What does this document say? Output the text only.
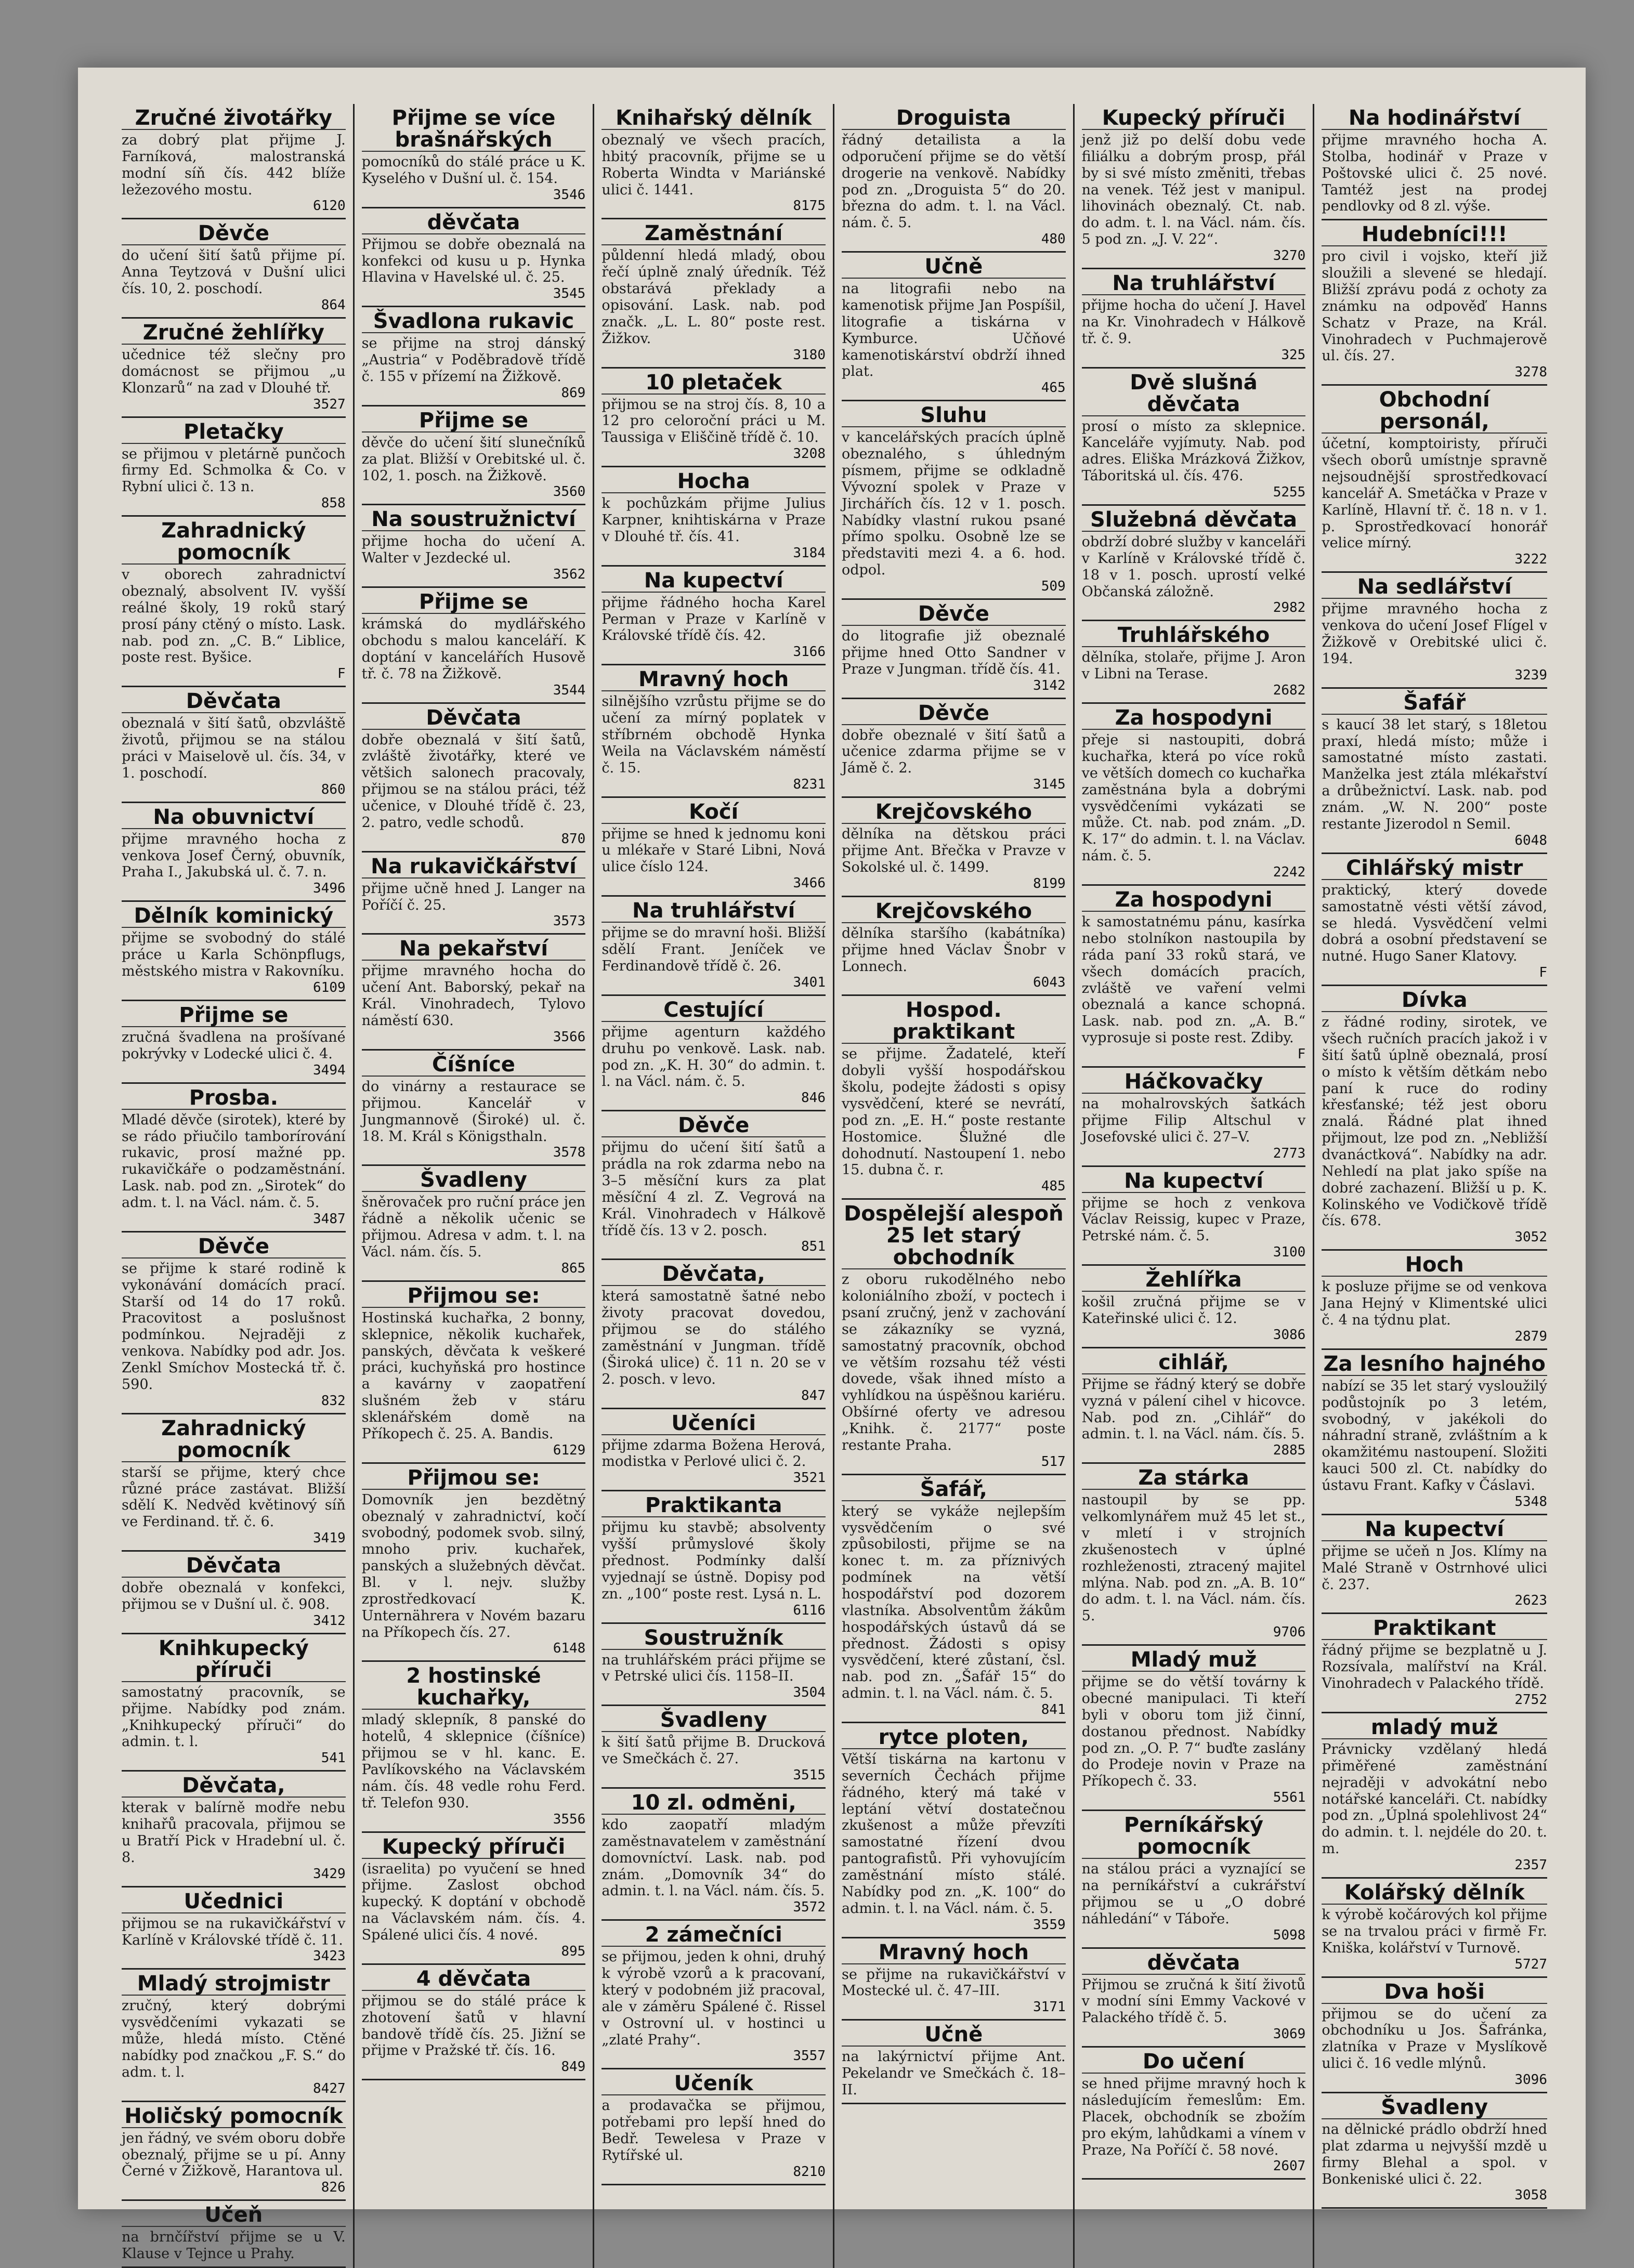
Zručné životářky
za dobrý plat přijme J. Farníková, malostranská modní síň čís. 442 blíže ležezového mostu.
6120
Děvče
do učení šití šatů přijme pí. Anna Teytzová v Dušní ulici čís. 10, 2. poschodí.
864
Zručné žehlířky
učednice též slečny pro domácnost se přijmou „u Klonzarů“ na zad v Dlouhé tř.
3527
Pletačky
se přijmou v pletárně punčoch firmy Ed. Schmolka & Co. v Rybní ulici č. 13 n.
858
Zahradnický pomocník
v oborech zahradnictví obeznalý, absolvent IV. vyšší reálné školy, 19 roků starý prosí pány ctěný o místo. Lask. nab. pod zn. „C. B.“ Liblice, poste rest. Byšice.
F
Děvčata
obeznalá v šití šatů, obzvláště životů, přijmou se na stálou práci v Maiselově ul. čís. 34, v 1. poschodí.
860
Na obuvnictví
přijme mravného hocha z venkova Josef Černý, obuvník, Praha I., Jakubská ul. č. 7. n.
3496
Dělník kominický
přijme se svobodný do stálé práce u Karla Schönpflugs, městského mistra v Rakovníku.
6109
Přijme se
zručná švadlena na prošívané pokrývky v Lodecké ulici č. 4.
3494
Prosba.
Mladé děvče (sirotek), které by se rádo přiučilo tamborírování rukavic, prosí mažné pp. rukavičkáře o podzaměstnání. Lask. nab. pod zn. „Sirotek“ do adm. t. l. na Václ. nám. č. 5.
3487
Děvče
se přijme k staré rodině k vykonávání domácích prací. Starší od 14 do 17 roků. Pracovitost a poslušnost podmínkou. Nejraději z venkova. Nabídky pod adr. Jos. Zenkl Smíchov Mostecká tř. č. 590.
832
Zahradnický pomocník
starší se přijme, který chce různé práce zastávat. Bližší sdělí K. Nedvěd květinový síň ve Ferdinand. tř. č. 6.
3419
Děvčata
dobře obeznalá v konfekci, přijmou se v Dušní ul. č. 908.
3412
Knihkupecký příruči
samostatný pracovník, se přijme. Nabídky pod znám. „Knihkupecký příruči“ do admin. t. l.
541
Děvčata,
kterak v balírně modře nebu knihařů pracovala, přijmou se u Bratří Pick v Hradební ul. č. 8.
3429
Učednici
přijmou se na rukavičkářství v Karlíně v Královské třídě č. 11.
3423
Mladý strojmistr
zručný, který dobrými vysvědčeními vykazati se může, hledá místo. Ctěné nabídky pod značkou „F. S.“ do adm. t. l.
8427
Holičský pomocník
jen řádný, ve svém oboru dobře obeznalý, přijme se u pí. Anny Černé v Žižkově, Harantova ul.
826
Učeň
na brnčířství přijme se u V. Klause v Tejnce u Prahy.
Přijme se více brašnářských
pomocníků do stálé práce u K. Kyselého v Dušní ul. č. 154.
3546
děvčata
Přijmou se dobře obeznalá na konfekci od kusu u p. Hynka Hlavina v Havelské ul. č. 25.
3545
Švadlona rukavic
se přijme na stroj dánský „Austria“ v Poděbradově třídě č. 155 v přízemí na Žižkově.
869
Přijme se
děvče do učení šití slunečníků za plat. Bližší v Orebitské ul. č. 102, 1. posch. na Žižkově.
3560
Na soustružnictví
přijme hocha do učení A. Walter v Jezdecké ul.
3562
Přijme se
krámská do mydlářského obchodu s malou kanceláří. K doptání v kancelářích Husově tř. č. 78 na Žižkově.
3544
Děvčata
dobře obeznalá v šití šatů, zvláště životářky, které ve většich salonech pracovaly, přijmou se na stálou práci, též učenice, v Dlouhé třídě č. 23, 2. patro, vedle schodů.
870
Na rukavičkářství
přijme učně hned J. Langer na Poříčí č. 25.
3573
Na pekařství
přijme mravného hocha do učení Ant. Baborský, pekař na Král. Vinohradech, Tylovo náměstí 630.
3566
Číšníce
do vinárny a restaurace se přijmou. Kancelář v Jungmannově (Široké) ul. č. 18. M. Král s Königsthaln.
3578
Švadleny
šněrovaček pro ruční práce jen řádně a několik učenic se přijmou. Adresa v adm. t. l. na Václ. nám. čís. 5.
865
Přijmou se:
Hostinská kuchařka, 2 bonny, sklepnice, několik kuchařek, panských, děvčata k veškeré práci, kuchyňská pro hostince a kavárny v zaopatření slušném žeb v stáru sklenářském domě na Příkopech č. 25. A. Bandis.
6129
Přijmou se:
Domovník jen bezdětný obeznalý v zahradnictví, kočí svobodný, podomek svob. silný, mnoho priv. kuchařek, panských a služebných děvčat. Bl. v l. nejv. služby zprostředkovací K. Unternährera v Novém bazaru na Příkopech čís. 27.
6148
2 hostinské kuchařky,
mladý sklepník, 8 panské do hotelů, 4 sklepnice (číšníce) přijmou se v hl. kanc. E. Pavlíkovského na Václavském nám. čís. 48 vedle rohu Ferd. tř. Telefon 930.
3556
Kupecký příruči
(israelita) po vyučení se hned přijme. Zaslost obchod kupecký. K doptání v obchodě na Václavském nám. čís. 4. Spálené ulici čís. 4 nové.
895
4 děvčata
přijmou se do stálé práce k zhotovení šatů v hlavní bandově třídě čís. 25. Jižní se přijme v Pražské tř. čís. 16.
849
Knihařský dělník
obeznalý ve všech pracích, hbitý pracovník, přijme se u Roberta Windta v Mariánské ulici č. 1441.
8175
Zaměstnání
půldenní hledá mladý, obou řečí úplně znalý úředník. Též obstarává překlady a opisování. Lask. nab. pod značk. „L. L. 80“ poste rest. Žižkov.
3180
10 pletaček
přijmou se na stroj čís. 8, 10 a 12 pro celoroční práci u M. Taussiga v Eliščině třídě č. 10.
3208
Hocha
k pochůzkám přijme Julius Karpner, knihtiskárna v Praze v Dlouhé tř. čís. 41.
3184
Na kupectví
přijme řádného hocha Karel Perman v Praze v Karlíně v Královské třídě čís. 42.
3166
Mravný hoch
silnějšího vzrůstu přijme se do učení za mírný poplatek v stříbrném obchodě Hynka Weila na Václavském náměstí č. 15.
8231
Kočí
přijme se hned k jednomu koni u mlékaře v Staré Libni, Nová ulice číslo 124.
3466
Na truhlářství
přijme se do mravní hoši. Bližší sdělí Frant. Jeníček ve Ferdinandově třídě č. 26.
3401
Cestující
přijme agenturn každého druhu po venkově. Lask. nab. pod zn. „K. H. 30“ do admin. t. l. na Václ. nám. č. 5.
846
Děvče
přijmu do učení šití šatů a prádla na rok zdarma nebo na 3–5 měsíční kurs za plat měsíční 4 zl. Z. Vegrová na Král. Vinohradech v Hálkově třídě čís. 13 v 2. posch.
851
Děvčata,
která samostatně šatné nebo životy pracovat dovedou, přijmou se do stálého zaměstnání v Jungman. třídě (Široká ulice) č. 11 n. 20 se v 2. posch. v levo.
847
Učeníci
přijme zdarma Božena Herová, modistka v Perlové ulici č. 2.
3521
Praktikanta
přijmu ku stavbě; absolventy vyšší průmyslové školy přednost. Podmínky další vyjednají se ústně. Dopisy pod zn. „100“ poste rest. Lysá n. L.
6116
Soustružník
na truhlářském práci přijme se v Petrské ulici čís. 1158–II.
3504
Švadleny
k šití šatů přijme B. Drucková ve Smečkách č. 27.
3515
10 zl. odměni,
kdo zaopatří mladým zaměstnavatelem v zaměstnání domovníctví. Lask. nab. pod znám. „Domovník 34“ do admin. t. l. na Václ. nám. čís. 5.
3572
2 zámečníci
se přijmou, jeden k ohni, druhý k výrobě vzorů a k pracovaní, který v podobném již pracoval, ale v záměru Spálené č. Rissel v Ostrovní ul. v hostinci u „zlaté Prahy“.
3557
Učeník
a prodavačka se přijmou, potřebami pro lepší hned do Bedř. Tewelesa v Praze v Rytířské ul.
8210
Droguista
řádný detailista a la odporučení přijme se do větší drogerie na venkově. Nabídky pod zn. „Droguista 5“ do 20. března do adm. t. l. na Václ. nám. č. 5.
480
Učně
na litografii nebo na kamenotisk přijme Jan Pospíšil, litografie a tiskárna v Kymburce. Učňové kamenotiskárství obdrží ihned plat.
465
Sluhu
v kancelářských pracích úplně obeznalého, s úhledným písmem, přijme se odkladně Vývozní spolek v Praze v Jirchářích čís. 12 v 1. posch. Nabídky vlastní rukou psané přímo spolku. Osobně lze se představiti mezi 4. a 6. hod. odpol.
509
Děvče
do litografie již obeznalé přijme hned Otto Sandner v Praze v Jungman. třídě čís. 41.
3142
Děvče
dobře obeznalé v šití šatů a učenice zdarma přijme se v Jámě č. 2.
3145
Krejčovského
dělníka na dětskou práci přijme Ant. Břečka v Pravze v Sokolské ul. č. 1499.
8199
Krejčovského
dělníka staršího (kabátníka) přijme hned Václav Šnobr v Lonnech.
6043
Hospod. praktikant
se přijme. Žadatelé, kteří dobyli vyšší hospodářskou školu, podejte žádosti s opisy vysvědčení, které se nevrátí, pod zn. „E. H.“ poste restante Hostomice. Šlužné dle dohodnutí. Nastoupení 1. nebo 15. dubna č. r.
485
Dospělejší alespoň 25 let starý obchodník
z oboru rukodělného nebo koloniálního zboží, v poctech i psaní zručný, jenž v zachování se zákazníky se vyzná, samostatný pracovník, obchod ve větším rozsahu též vésti dovede, však ihned místo a vyhlídkou na úspěšnou kariéru. Obšírné oferty ve adresou „Knihk. č. 2177“ poste restante Praha.
517
Šafář,
který se vykáže nejlepším vysvědčením o své způsobilosti, přijme se na konec t. m. za příznivých podmínek na větší hospodářství pod dozorem vlastníka. Absolventům žákům hospodářských ústavů dá se přednost. Žádosti s opisy vysvědčení, které zůstaní, čsl. nab. pod zn. „Šafář 15“ do admin. t. l. na Václ. nám. č. 5.
841
rytce ploten,
Větší tiskárna na kartonu v severních Čechách přijme řádného, který má také v leptání větví dostatečnou zkušenost a může převzíti samostatné řízení dvou pantografistů. Při vyhovujícím zaměstnání místo stálé. Nabídky pod zn. „K. 100“ do admin. t. l. na Václ. nám. č. 5.
3559
Mravný hoch
se přijme na rukavičkářství v Mostecké ul. č. 47–III.
3171
Učně
na lakýrnictví přijme Ant. Pekelandr ve Smečkách č. 18–II.
Kupecký příruči
jenž již po delší dobu vede filiálku a dobrým prosp, přál by si své místo změniti, třebas na venek. Též jest v manipul. lihovinách obeznalý. Ct. nab. do adm. t. l. na Václ. nám. čís. 5 pod zn. „J. V. 22“.
3270
Na truhlářství
přijme hocha do učení J. Havel na Kr. Vinohradech v Hálkově tř. č. 9.
325
Dvě slušná děvčata
prosí o místo za sklepnice. Kanceláře vyjímuty. Nab. pod adres. Eliška Mrázková Žižkov, Táboritská ul. čís. 476.
5255
Služebná děvčata
obdrží dobré služby v kanceláři v Karlíně v Královské třídě č. 18 v 1. posch. uprostí velké Občanská záložně.
2982
Truhlářského
dělníka, stolaře, přijme J. Aron v Libni na Terase.
2682
Za hospodyni
přeje si nastoupiti, dobrá kuchařka, která po více roků ve větších domech co kuchařka zaměstnána byla a dobrými vysvědčeními vykázati se může. Ct. nab. pod znám. „D. K. 17“ do admin. t. l. na Václav. nám. č. 5.
2242
Za hospodyni
k samostatnému pánu, kasírka nebo stolníkon nastoupila by ráda paní 33 roků stará, ve všech domácích pracích, zvláště ve vaření velmi obeznalá a kance schopná. Lask. nab. pod zn. „A. B.“ vyprosuje si poste rest. Zdiby.
F
Háčkovačky
na mohalrovských šatkách přijme Filip Altschul v Josefovské ulici č. 27–V.
2773
Na kupectví
přijme se hoch z venkova Václav Reissig, kupec v Praze, Petrské nám. č. 5.
3100
Žehlířka
košil zručná přijme se v Kateřinské ulici č. 12.
3086
cihlář,
Přijme se řádný který se dobře vyzná v pálení cihel v hicovce. Nab. pod zn. „Cihlář“ do admin. t. l. na Václ. nám. čís. 5.
2885
Za stárka
nastoupil by se pp. velkomlynářem muž 45 let st., v mletí i v strojních zkušenostech v úplné rozhleženosti, ztracený majitel mlýna. Nab. pod zn. „A. B. 10“ do adm. t. l. na Václ. nám. čís. 5.
9706
Mladý muž
přijme se do větší továrny k obecné manipulaci. Ti kteří byli v oboru tom již činní, dostanou přednost. Nabídky pod zn. „O. P. 7“ buďte zaslány do Prodeje novin v Praze na Příkopech č. 33.
5561
Perníkářský pomocník
na stálou práci a vyznající se na perníkářství a cukrářství přijmou se u „O dobré náhledání“ v Táboře.
5098
děvčata
Přijmou se zručná k šití životů v modní síni Emmy Vackové v Palackého třídě č. 5.
3069
Do učení
se hned přijme mravný hoch k následujícím řemeslům: Em. Placek, obchodník se zbožím pro ekým, lahůdkami a vínem v Praze, Na Poříčí č. 58 nové.
2607
Na hodinářství
přijme mravného hocha A. Stolba, hodinář v Praze v Poštovské ulici č. 25 nové. Tamtéž jest na prodej pendlovky od 8 zl. výše.
Hudebníci!!!
pro civil i vojsko, kteří již sloužili a slevené se hledají. Bližší zprávu podá z ochoty za známku na odpověď Hanns Schatz v Praze, na Král. Vinohradech v Puchmajerově ul. čís. 27.
3278
Obchodní personál,
účetní, komptoiristy, příruči všech oborů umístnje spravně nejsoudnější sprostředkovací kancelář A. Smetáčka v Praze v Karlíně, Hlavní tř. č. 18 n. v 1. p. Sprostředkovací honorář velice mírný.
3222
Na sedlářství
přijme mravného hocha z venkova do učení Josef Flígel v Žižkově v Orebitské ulici č. 194.
3239
Šafář
s kaucí 38 let starý, s 18letou praxí, hledá místo; může i samostatné místo zastati. Manželka jest ztála mlékařství a drůbežnictví. Lask. nab. pod znám. „W. N. 200“ poste restante Jizerodol n Semil.
6048
Cihlářský mistr
praktický, který dovede samostatně vésti větší závod, se hledá. Vysvědčení velmi dobrá a osobní představení se nutné. Hugo Saner Klatovy.
F
Dívka
z řádné rodiny, sirotek, ve všech ručních pracích jakož i v šití šatů úplně obeznalá, prosí o místo k větším dětkám nebo paní k ruce do rodiny křesťanské; též jest oboru znalá. Řádné plat ihned přijmout, lze pod zn. „Nebližší dvanáctková“. Nabídky na adr. Nehledí na plat jako spíše na dobré zachazení. Bližší u p. K. Kolinského ve Vodičkově třídě čís. 678.
3052
Hoch
k posluze přijme se od venkova Jana Hejný v Klimentské ulici č. 4 na týdnu plat.
2879
Za lesního hajného
nabízí se 35 let starý vysloužilý podůstojník po 3 letém, svobodný, v jakékoli do náhradní straně, zvláštním a k okamžitému nastoupení. Složiti kauci 500 zl. Ct. nabídky do ústavu Frant. Kafky v Čáslavi.
5348
Na kupectví
přijme se učeň n Jos. Klímy na Malé Straně v Ostrnhové ulici č. 237.
2623
Praktikant
řádný přijme se bezplatně u J. Rozsívala, malířství na Král. Vinohradech v Palackého třídě.
2752
mladý muž
Právnicky vzdělaný hledá přiměřené zaměstnání nejraději v advokátní nebo notářské kanceláři. Ct. nabídky pod zn. „Úplná spolehlivost 24“ do admin. t. l. nejdéle do 20. t. m.
2357
Kolářský dělník
k výrobě kočárových kol přijme se na trvalou práci v firmě Fr. Kniška, kolářství v Turnově.
5727
Dva hoši
přijmou se do učení za obchodníku u Jos. Šafránka, zlatníka v Praze v Myslíkově ulici č. 16 vedle mlýnů.
3096
Švadleny
na dělnické prádlo obdrží hned plat zdarma u nejvyšší mzdě u firmy Blehal a spol. v Bonkeniské ulici č. 22.
3058
